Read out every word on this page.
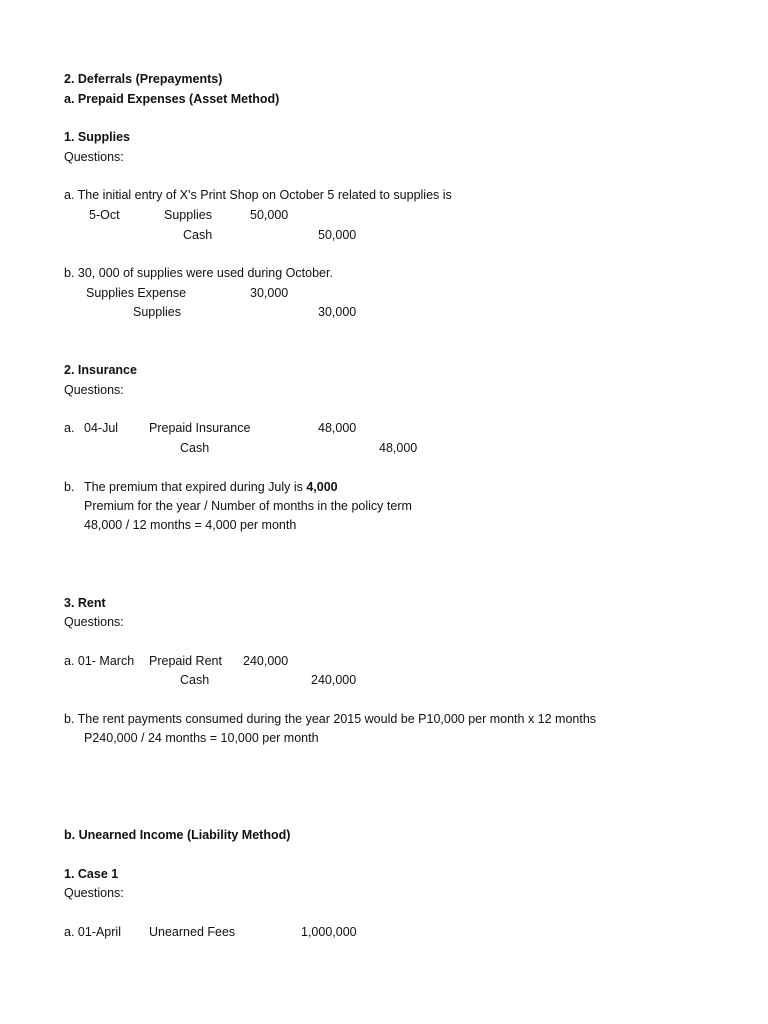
2. Deferrals (Prepayments)
a. Prepaid Expenses (Asset Method)
1. Supplies
Questions:
a. The initial entry of X's Print Shop on October 5 related to supplies is
5-Oct	Supplies	50,000
Cash	50,000
b. 30, 000 of supplies were used during October.
Supplies Expense	30,000
Supplies	30,000
2. Insurance
Questions:
a. 04-Jul Prepaid Insurance	48,000
Cash	48,000
b. The premium that expired during July is 4,000
Premium for the year / Number of months in the policy term
48,000 / 12 months = 4,000 per month
3. Rent
Questions:
a. 01- March Prepaid Rent 240,000
Cash	240,000
b. The rent payments consumed during the year 2015 would be P10,000 per month x 12 months
P240,000 / 24 months = 10,000 per month
b. Unearned Income (Liability Method)
1. Case 1
Questions:
a. 01-April Unearned Fees	1,000,000
